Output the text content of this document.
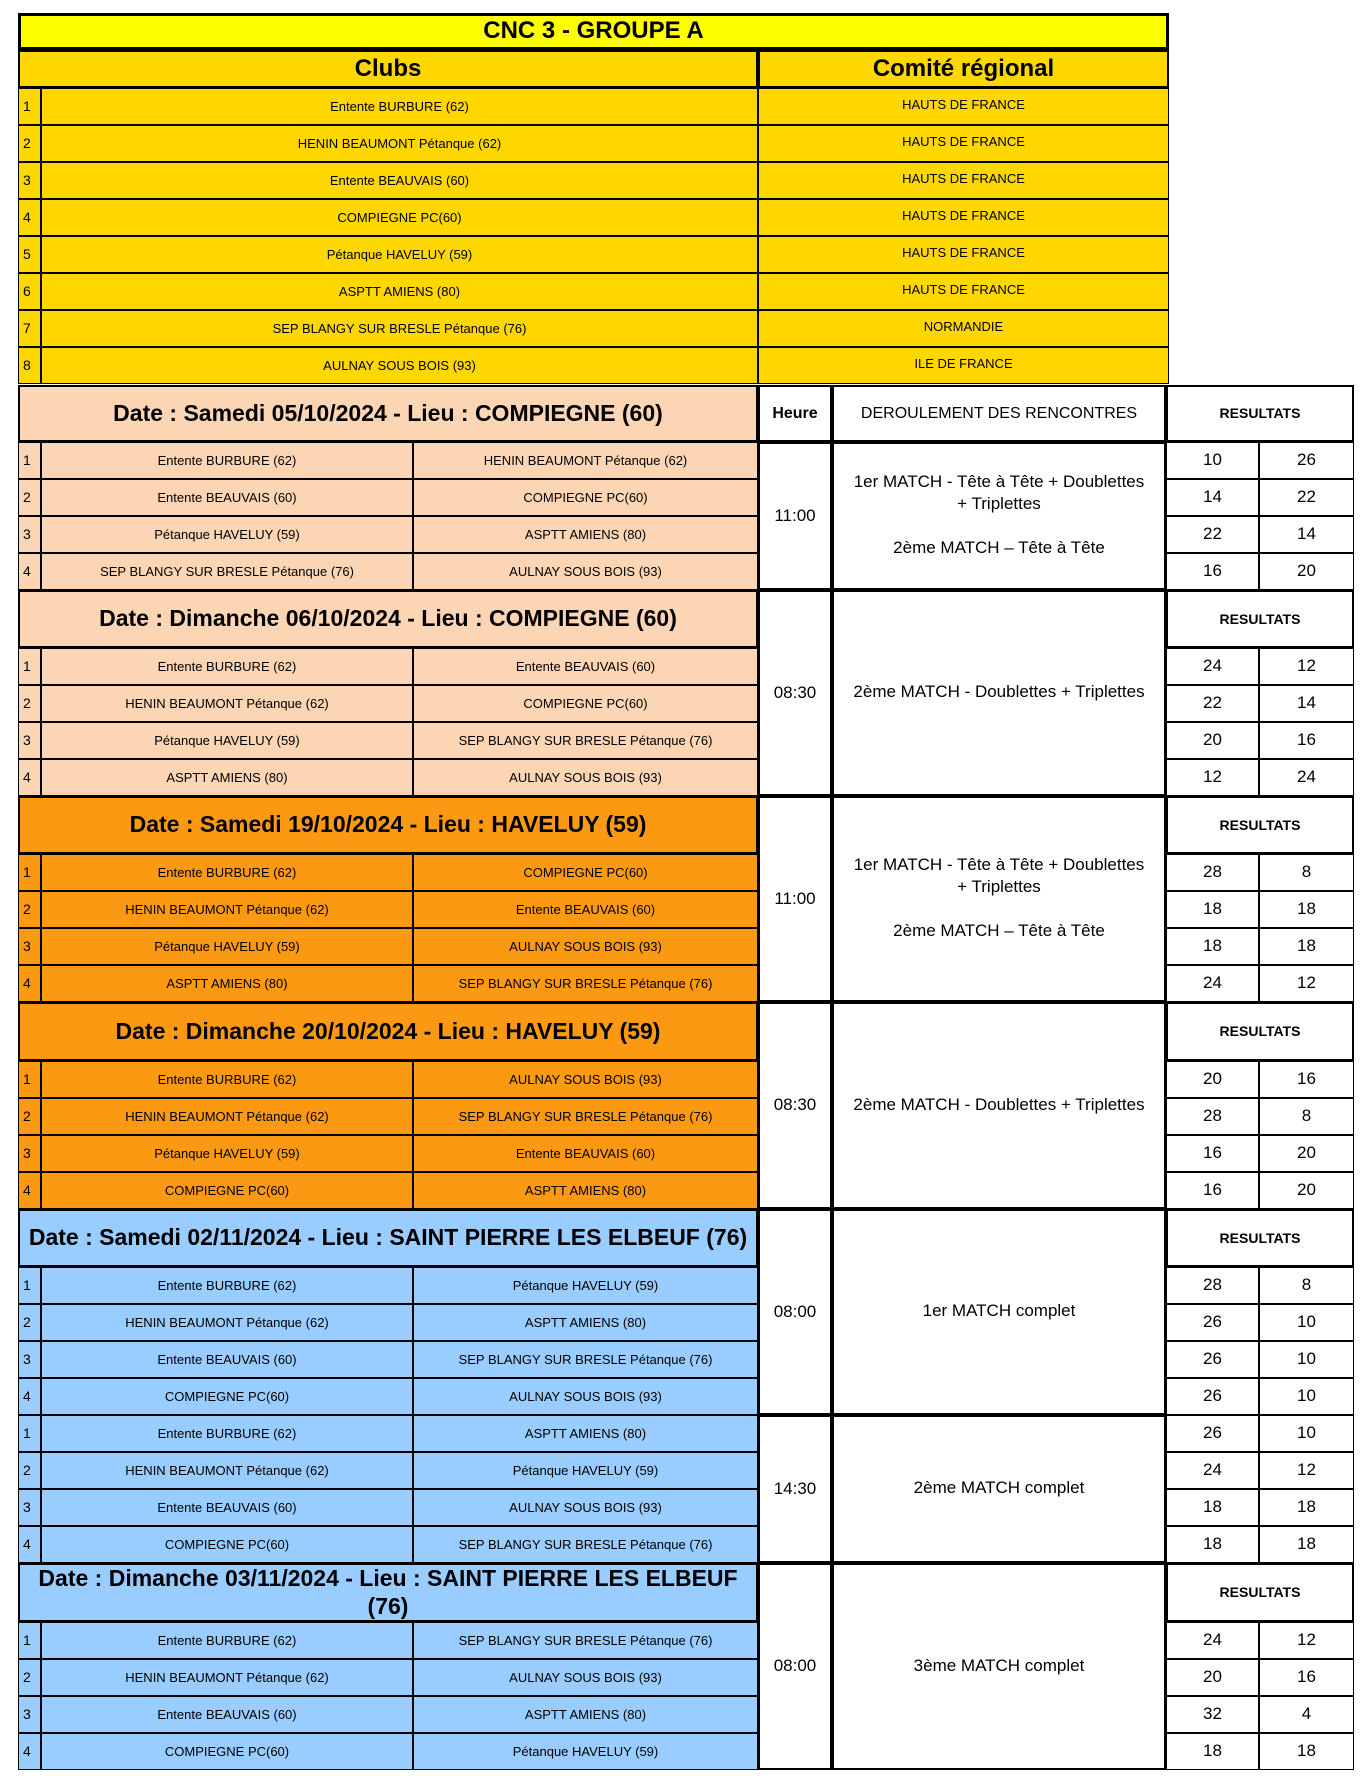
CNC 3 - GROUPE A
Clubs	Comité régional
1	Entente BURBURE (62)	HAUTS DE FRANCE
2	HENIN BEAUMONT Pétanque (62)	HAUTS DE FRANCE
3	Entente BEAUVAIS (60)	HAUTS DE FRANCE
4	COMPIEGNE PC(60)	HAUTS DE FRANCE
5	Pétanque HAVELUY (59)	HAUTS DE FRANCE
6	ASPTT AMIENS (80)	HAUTS DE FRANCE
7	SEP BLANGY SUR BRESLE Pétanque (76)	NORMANDIE
8	AULNAY SOUS BOIS (93)	ILE DE FRANCE
Date : Samedi 05/10/2024 - Lieu : COMPIEGNE (60)	Heure	DEROULEMENT DES RENCONTRES	RESULTATS
11:00
1er MATCH - Tête à Tête + Doublettes
+ Triplettes
2ème MATCH – Tête à Tête
1	Entente BURBURE (62)	HENIN BEAUMONT Pétanque (62)	10	26
2	Entente BEAUVAIS (60)	COMPIEGNE PC(60)	14	22
3	Pétanque HAVELUY (59)	ASPTT AMIENS (80)	22	14
4	SEP BLANGY SUR BRESLE Pétanque (76)	AULNAY SOUS BOIS (93)	16	20
Date : Dimanche 06/10/2024 - Lieu : COMPIEGNE (60)	RESULTATS
08:30	2ème MATCH - Doublettes + Triplettes
1	Entente BURBURE (62)	Entente BEAUVAIS (60)	24	12
2	HENIN BEAUMONT Pétanque (62)	COMPIEGNE PC(60)	22	14
3	Pétanque HAVELUY (59)	SEP BLANGY SUR BRESLE Pétanque (76)	20	16
4	ASPTT AMIENS (80)	AULNAY SOUS BOIS (93)	12	24
Date : Samedi 19/10/2024 - Lieu : HAVELUY (59)	RESULTATS
11:00
1er MATCH - Tête à Tête + Doublettes
+ Triplettes
2ème MATCH – Tête à Tête
1	Entente BURBURE (62)	COMPIEGNE PC(60)	28	8
2	HENIN BEAUMONT Pétanque (62)	Entente BEAUVAIS (60)	18	18
3	Pétanque HAVELUY (59)	AULNAY SOUS BOIS (93)	18	18
4	ASPTT AMIENS (80)	SEP BLANGY SUR BRESLE Pétanque (76)	24	12
Date : Dimanche 20/10/2024 - Lieu : HAVELUY (59)	RESULTATS
08:30	2ème MATCH - Doublettes + Triplettes
1	Entente BURBURE (62)	AULNAY SOUS BOIS (93)	20	16
2	HENIN BEAUMONT Pétanque (62)	SEP BLANGY SUR BRESLE Pétanque (76)	28	8
3	Pétanque HAVELUY (59)	Entente BEAUVAIS (60)	16	20
4	COMPIEGNE PC(60)	ASPTT AMIENS (80)	16	20
Date : Samedi 02/11/2024 - Lieu : SAINT PIERRE LES ELBEUF (76)	RESULTATS
08:00	1er MATCH complet
1	Entente BURBURE (62)	Pétanque HAVELUY (59)	28	8
2	HENIN BEAUMONT Pétanque (62)	ASPTT AMIENS (80)	26	10
3	Entente BEAUVAIS (60)	SEP BLANGY SUR BRESLE Pétanque (76)	26	10
4	COMPIEGNE PC(60)	AULNAY SOUS BOIS (93)	26	10
14:30	2ème MATCH complet
1	Entente BURBURE (62)	ASPTT AMIENS (80)	26	10
2	HENIN BEAUMONT Pétanque (62)	Pétanque HAVELUY (59)	24	12
3	Entente BEAUVAIS (60)	AULNAY SOUS BOIS (93)	18	18
4	COMPIEGNE PC(60)	SEP BLANGY SUR BRESLE Pétanque (76)	18	18
Date : Dimanche 03/11/2024 - Lieu : SAINT PIERRE LES ELBEUF (76)
RESULTATS
08:00	3ème MATCH complet
1	Entente BURBURE (62)	SEP BLANGY SUR BRESLE Pétanque (76)	24	12
2	HENIN BEAUMONT Pétanque (62)	AULNAY SOUS BOIS (93)	20	16
3	Entente BEAUVAIS (60)	ASPTT AMIENS (80)	32	4
4	COMPIEGNE PC(60)	Pétanque HAVELUY (59)	18	18
